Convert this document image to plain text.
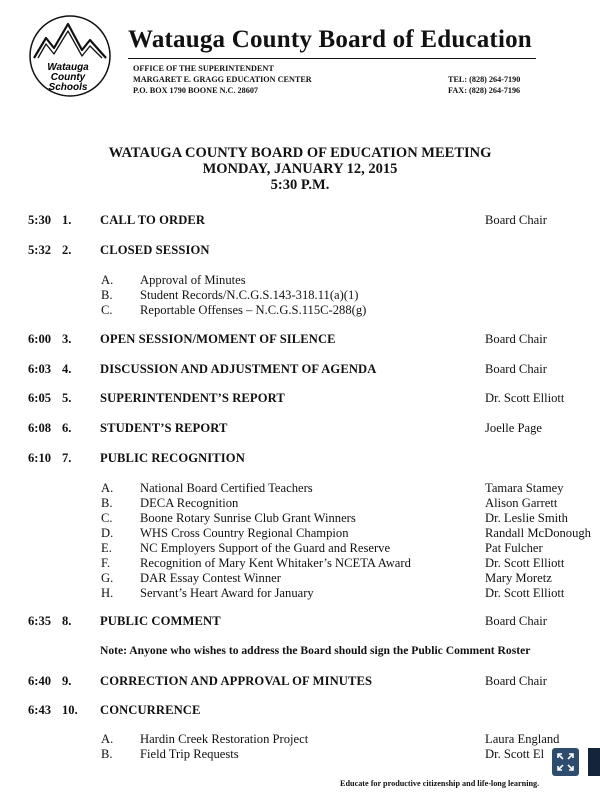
Watauga
County
Schools
Watauga County Board of Education
OFFICE OF THE SUPERINTENDENT
MARGARET E. GRAGG EDUCATION CENTER
P.O. BOX 1790 BOONE N.C. 28607
TEL: (828) 264-7190
FAX: (828) 264-7196
WATAUGA COUNTY BOARD OF EDUCATION MEETING
MONDAY, JANUARY 12, 2015
5:30 P.M.
5:30 1. CALL TO ORDER	Board Chair
5:32 2. CLOSED SESSION
A. Approval of Minutes
B. Student Records/N.C.G.S.143-318.11(a)(1)
C. Reportable Offenses – N.C.G.S.115C-288(g)
6:00 3. OPEN SESSION/MOMENT OF SILENCE	Board Chair
6:03 4. DISCUSSION AND ADJUSTMENT OF AGENDA	Board Chair
6:05 5. SUPERINTENDENT’S REPORT	Dr. Scott Elliott
6:08 6. STUDENT’S REPORT	Joelle Page
6:10 7. PUBLIC RECOGNITION
A. National Board Certified Teachers	Tamara Stamey
B. DECA Recognition	Alison Garrett
C. Boone Rotary Sunrise Club Grant Winners	Dr. Leslie Smith
D. WHS Cross Country Regional Champion	Randall McDonough
E. NC Employers Support of the Guard and Reserve	Pat Fulcher
F. Recognition of Mary Kent Whitaker’s NCETA Award	Dr. Scott Elliott
G. DAR Essay Contest Winner	Mary Moretz
H. Servant’s Heart Award for January	Dr. Scott Elliott
6:35 8. PUBLIC COMMENT	Board Chair
Note: Anyone who wishes to address the Board should sign the Public Comment Roster
6:40 9. CORRECTION AND APPROVAL OF MINUTES	Board Chair
6:43 10. CONCURRENCE
A. Hardin Creek Restoration Project	Laura England
B. Field Trip Requests	Dr. Scott El
Educate for productive citizenship and life-long learning.
